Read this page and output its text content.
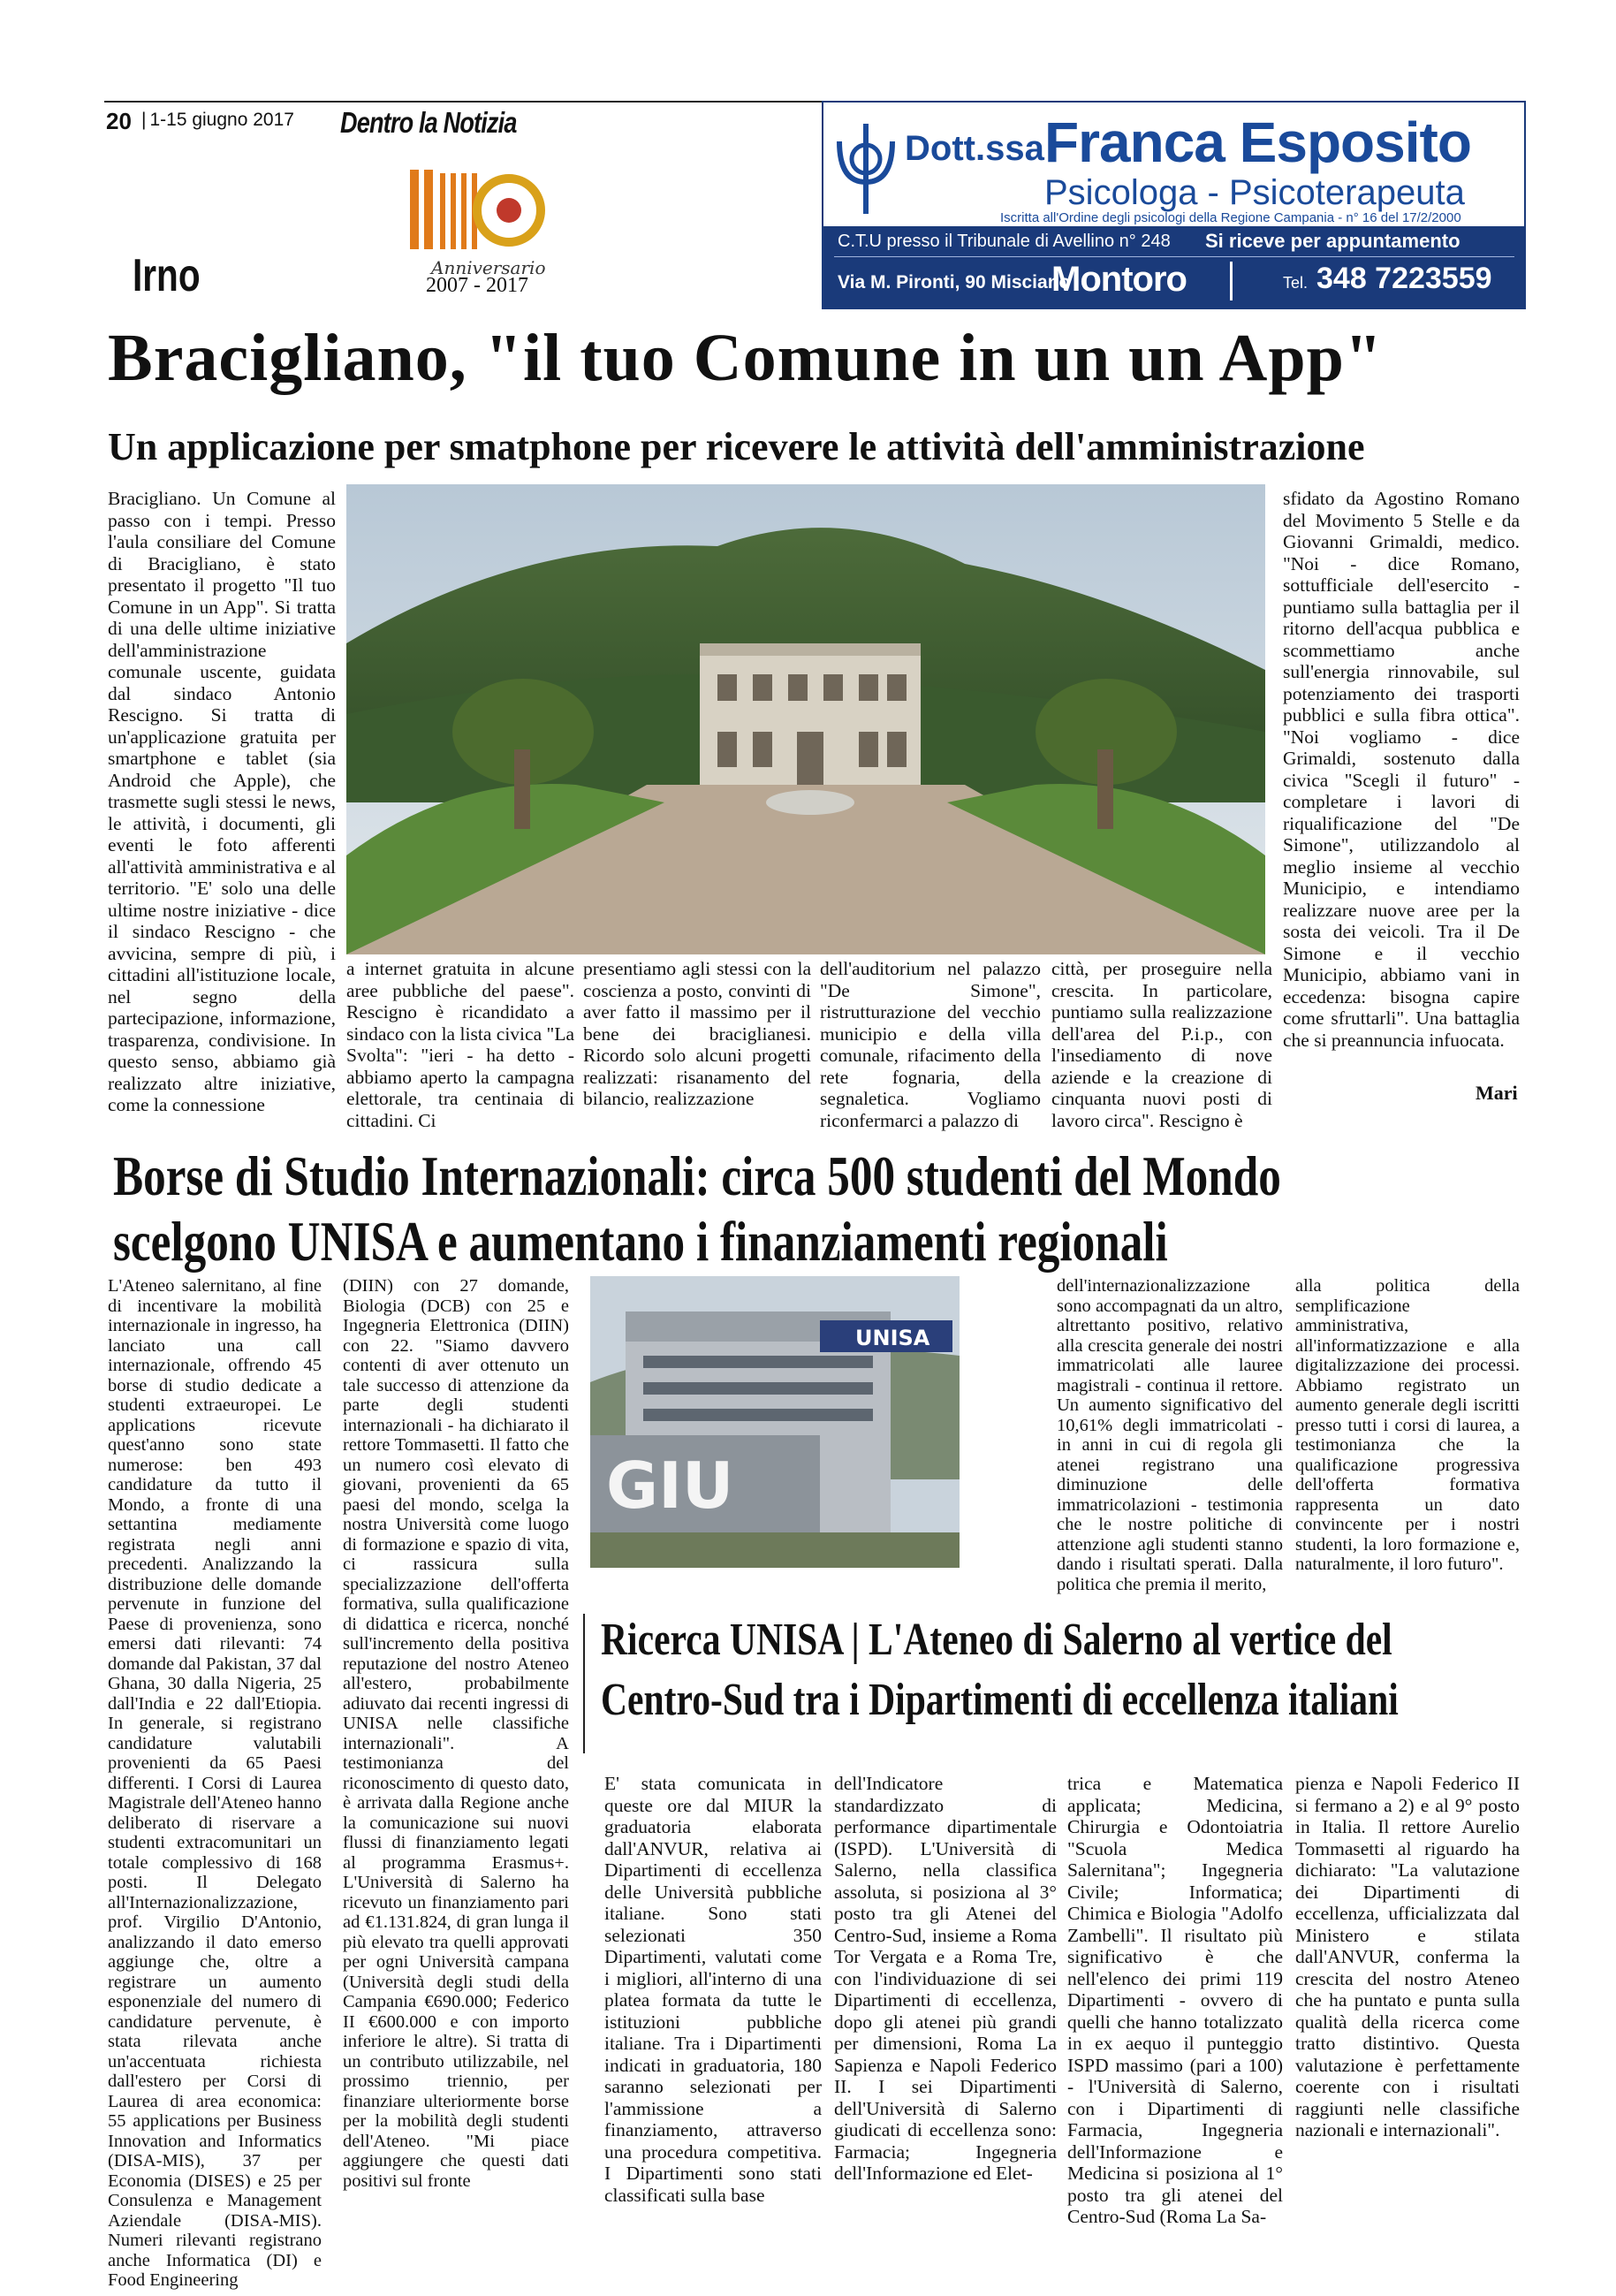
20
| 1-15 giugno 2017 Dentro la Notizia
Irno	Anniversario
2007 - 2017
Dott.ssa Franca Esposito
Psicologa - Psicoterapeuta
Iscritta all'Ordine degli psicologi della Regione Campania - n° 16 del 17/2/2000
C.T.U presso il Tribunale di Avellino n° 248 Si riceve per appuntamento
Via M. Pironti, 90 Misciano
Montoro	Tel. 348 7223559
Bracigliano, "il tuo Comune in un un App"
Un applicazione per smatphone per ricevere le attività dell'amministrazione
Bracigliano. Un Comune al passo con i tempi. Presso l'aula consiliare del Comune di Bracigliano, è stato presentato il progetto "Il tuo Comune in un App". Si tratta di una delle ultime iniziative dell'amministrazione comunale uscente, guidata dal sindaco Antonio Rescigno. Si tratta di un'applicazione gratuita per smartphone e tablet (sia Android che Apple), che trasmette sugli stessi le news, le attività, i documenti, gli eventi le foto afferenti all'attività amministrativa e al territorio. "E' solo una delle ultime nostre iniziative - dice il sindaco Rescigno - che avvicina, sempre di più, i cittadini all'istituzione locale, nel segno della partecipazione, informazione, trasparenza, condivisione. In questo senso, abbiamo già realizzato altre iniziative, come la connessione
a internet gratuita in alcune aree pubbliche del paese". Rescigno è ricandidato a sindaco con la lista civica "La Svolta": "ieri - ha detto - abbiamo aperto la campagna elettorale, tra centinaia di cittadini. Ci
presentiamo agli stessi con la coscienza a posto, convinti di aver fatto il massimo per il bene dei braciglianesi. Ricordo solo alcuni progetti realizzati: risanamento del bilancio, realizzazione
dell'auditorium nel palazzo "De Simone", ristrutturazione del vecchio municipio e della villa comunale, rifacimento della rete fognaria, della segnaletica. Vogliamo riconfermarci a palazzo di
città, per proseguire nella crescita. In particolare, puntiamo sulla realizzazione dell'area del P.i.p., con l'insediamento di nove aziende e la creazione di cinquanta nuovi posti di lavoro circa". Rescigno è
sfidato da Agostino Romano del Movimento 5 Stelle e da Giovanni Grimaldi, medico. "Noi - dice Romano, sottufficiale dell'esercito - puntiamo sulla battaglia per il ritorno dell'acqua pubblica e scommettiamo anche sull'energia rinnovabile, sul potenziamento dei trasporti pubblici e sulla fibra ottica". "Noi vogliamo - dice Grimaldi, sostenuto dalla civica "Scegli il futuro" - completare i lavori di riqualificazione del "De Simone", utilizzandolo al meglio insieme al vecchio Municipio, e intendiamo realizzare nuove aree per la sosta dei veicoli. Tra il De Simone e il vecchio Municipio, abbiamo vani in eccedenza: bisogna capire come sfruttarli". Una battaglia che si preannuncia infuocata.
Mari
Borse di Studio Internazionali: circa 500 studenti del Mondo
scelgono UNISA e aumentano i finanziamenti regionali
L'Ateneo salernitano, al fine di incentivare la mobilità internazionale in ingresso, ha lanciato una call internazionale, offrendo 45 borse di studio dedicate a studenti extraeuropei. Le applications ricevute quest'anno sono state numerose: ben 493 candidature da tutto il Mondo, a fronte di una settantina mediamente registrata negli anni precedenti. Analizzando la distribuzione delle domande pervenute in funzione del Paese di provenienza, sono emersi dati rilevanti: 74 domande dal Pakistan, 37 dal Ghana, 30 dalla Nigeria, 25 dall'India e 22 dall'Etiopia. In generale, si registrano candidature valutabili provenienti da 65 Paesi differenti. I Corsi di Laurea Magistrale dell'Ateneo hanno deliberato di riservare a studenti extracomunitari un totale complessivo di 168 posti. Il Delegato all'Internazionalizzazione, prof. Virgilio D'Antonio, analizzando il dato emerso aggiunge che, oltre a registrare un aumento esponenziale del numero di candidature pervenute, è stata rilevata anche un'accentuata richiesta dall'estero per Corsi di Laurea di area economica: 55 applications per Business Innovation and Informatics (DISA-MIS), 37 per Economia (DISES) e 25 per Consulenza e Management Aziendale (DISA-MIS). Numeri rilevanti registrano anche Informatica (DI) e Food Engineering
(DIIN) con 27 domande, Biologia (DCB) con 25 e Ingegneria Elettronica (DIIN) con 22. "Siamo davvero contenti di aver ottenuto un tale successo di attenzione da parte degli studenti internazionali - ha dichiarato il rettore Tommasetti. Il fatto che un numero così elevato di giovani, provenienti da 65 paesi del mondo, scelga la nostra Università come luogo di formazione e spazio di vita, ci rassicura sulla specializzazione dell'offerta formativa, sulla qualificazione di didattica e ricerca, nonché sull'incremento della positiva reputazione del nostro Ateneo all'estero, probabilmente adiuvato dai recenti ingressi di UNISA nelle classifiche internazionali". A testimonianza del riconoscimento di questo dato, è arrivata dalla Regione anche la comunicazione sui nuovi flussi di finanziamento legati al programma Erasmus+. L'Università di Salerno ha ricevuto un finanziamento pari ad €1.131.824, di gran lunga il più elevato tra quelli approvati per ogni Università campana (Università degli studi della Campania €690.000; Federico II €600.000 e con importo inferiore le altre). Si tratta di un contributo utilizzabile, nel prossimo triennio, per finanziare ulteriormente borse per la mobilità degli studenti dell'Ateneo. "Mi piace aggiungere che questi dati positivi sul fronte
GIU
UNISA
dell'internazionalizzazione sono accompagnati da un altro, altrettanto positivo, relativo alla crescita generale dei nostri immatricolati alle lauree magistrali - continua il rettore. Un aumento significativo del 10,61% degli immatricolati - in anni in cui di regola gli atenei registrano una diminuzione delle immatricolazioni - testimonia che le nostre politiche di attenzione agli studenti stanno dando i risultati sperati. Dalla politica che premia il merito,
alla politica della semplificazione amministrativa, all'informatizzazione e alla digitalizzazione dei processi. Abbiamo registrato un aumento generale degli iscritti presso tutti i corsi di laurea, a testimonianza che la qualificazione progressiva dell'offerta formativa rappresenta un dato convincente per i nostri studenti, la loro formazione e, naturalmente, il loro futuro".
Ricerca UNISA | L'Ateneo di Salerno al vertice del
Centro-Sud tra i Dipartimenti di eccellenza italiani
E' stata comunicata in queste ore dal MIUR la graduatoria elaborata dall'ANVUR, relativa ai Dipartimenti di eccellenza delle Università pubbliche italiane. Sono stati selezionati 350 Dipartimenti, valutati come i migliori, all'interno di una platea formata da tutte le istituzioni pubbliche italiane. Tra i Dipartimenti indicati in graduatoria, 180 saranno selezionati per l'ammissione a finanziamento, attraverso una procedura competitiva. I Dipartimenti sono stati classificati sulla base
dell'Indicatore standardizzato di performance dipartimentale (ISPD). L'Università di Salerno, nella classifica assoluta, si posiziona al 3° posto tra gli Atenei del Centro-Sud, insieme a Roma Tor Vergata e a Roma Tre, con l'individuazione di sei Dipartimenti di eccellenza, dopo gli atenei più grandi per dimensioni, Roma La Sapienza e Napoli Federico II. I sei Dipartimenti dell'Università di Salerno giudicati di eccellenza sono: Farmacia; Ingegneria dell'Informazione ed Elet-
trica e Matematica applicata; Medicina, Chirurgia e Odontoiatria "Scuola Medica Salernitana"; Ingegneria Civile; Informatica; Chimica e Biologia "Adolfo Zambelli". Il risultato più significativo è che nell'elenco dei primi 119 Dipartimenti - ovvero di quelli che hanno totalizzato in ex aequo il punteggio ISPD massimo (pari a 100) - l'Università di Salerno, con i Dipartimenti di Farmacia, Ingegneria dell'Informazione e Medicina si posiziona al 1° posto tra gli atenei del Centro-Sud (Roma La Sa-
pienza e Napoli Federico II si fermano a 2) e al 9° posto in Italia. Il rettore Aurelio Tommasetti al riguardo ha dichiarato: "La valutazione dei Dipartimenti di eccellenza, ufficializzata dal Ministero e stilata dall'ANVUR, conferma la crescita del nostro Ateneo che ha puntato e punta sulla qualità della ricerca come tratto distintivo. Questa valutazione è perfettamente coerente con i risultati raggiunti nelle classifiche nazionali e internazionali".
